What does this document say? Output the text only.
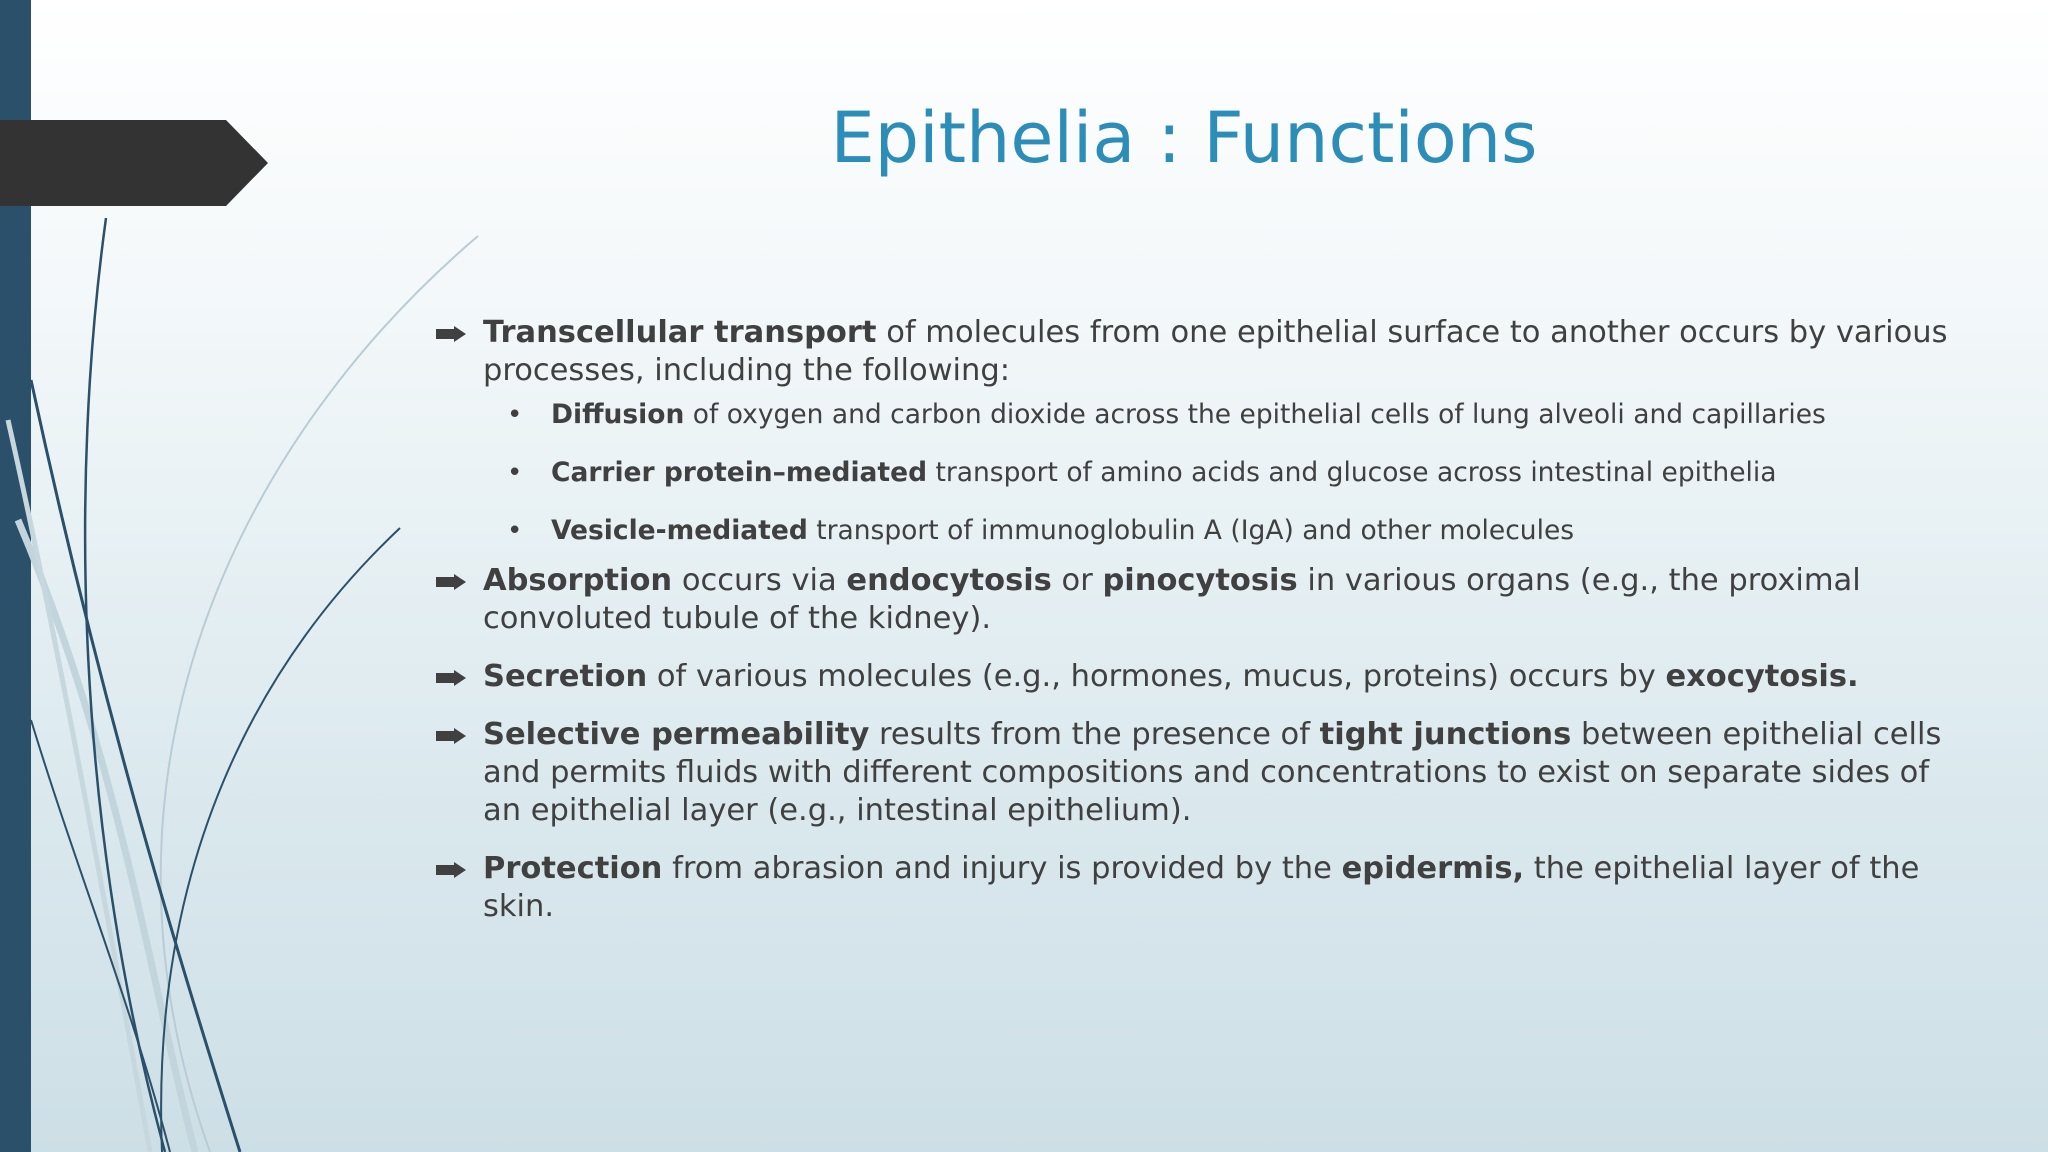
Epithelia : Functions
Transcellular transport of molecules from one epithelial surface to another occurs by various processes, including the following:
• Diffusion of oxygen and carbon dioxide across the epithelial cells of lung alveoli and capillaries
• Carrier protein–mediated transport of amino acids and glucose across intestinal epithelia
• Vesicle-mediated transport of immunoglobulin A (IgA) and other molecules
Absorption occurs via endocytosis or pinocytosis in various organs (e.g., the proximal convoluted tubule of the kidney).
Secretion of various molecules (e.g., hormones, mucus, proteins) occurs by exocytosis.
Selective permeability results from the presence of tight junctions between epithelial cells and permits fluids with different compositions and concentrations to exist on separate sides of an epithelial layer (e.g., intestinal epithelium).
Protection from abrasion and injury is provided by the epidermis, the epithelial layer of the skin.
